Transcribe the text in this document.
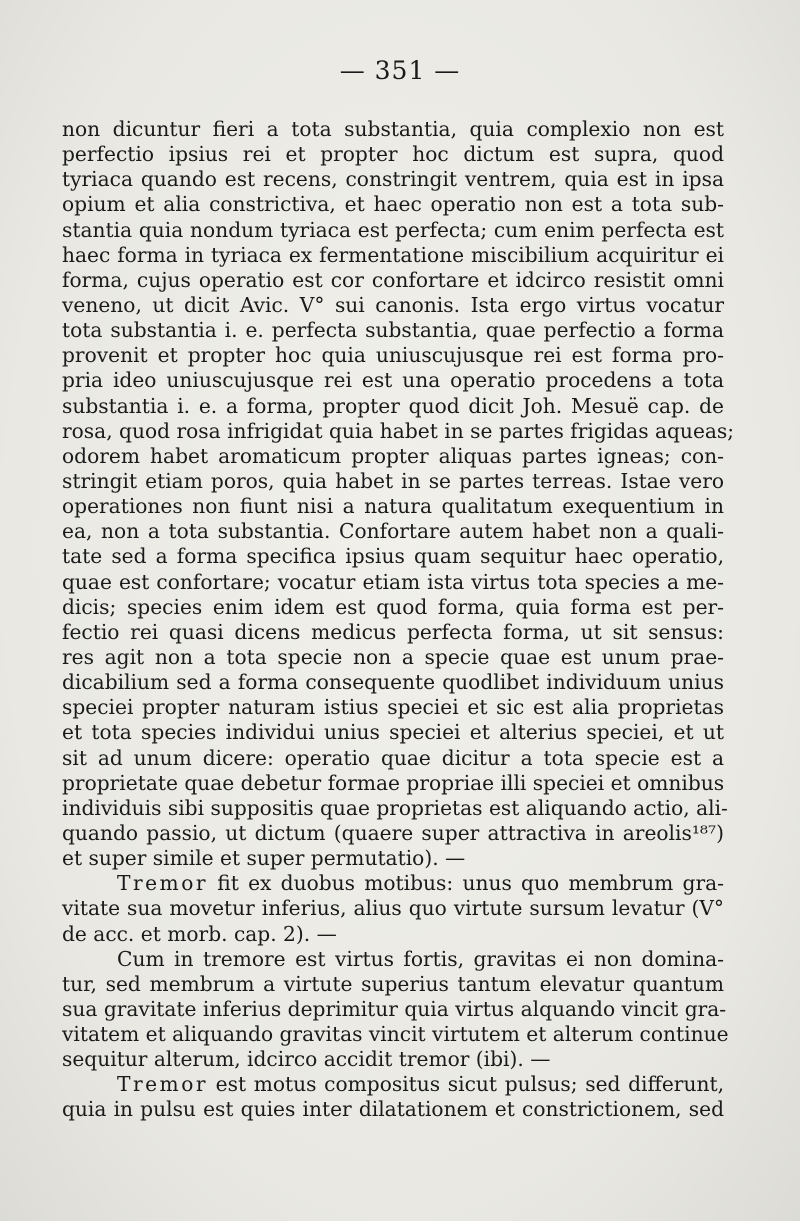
— 351 —
non dicuntur fieri a tota substantia, quia complexio non est
perfectio ipsius rei et propter hoc dictum est supra, quod
tyriaca quando est recens, constringit ventrem, quia est in ipsa
opium et alia constrictiva, et haec operatio non est a tota sub-
stantia quia nondum tyriaca est perfecta; cum enim perfecta est
haec forma in tyriaca ex fermentatione miscibilium acquiritur ei
forma, cujus operatio est cor confortare et idcirco resistit omni
veneno, ut dicit Avic. V° sui canonis. Ista ergo virtus vocatur
tota substantia i. e. perfecta substantia, quae perfectio a forma
provenit et propter hoc quia uniuscujusque rei est forma pro-
pria ideo uniuscujusque rei est una operatio procedens a tota
substantia i. e. a forma, propter quod dicit Joh. Mesuë cap. de
rosa, quod rosa infrigidat quia habet in se partes frigidas aqueas;
odorem habet aromaticum propter aliquas partes igneas; con-
stringit etiam poros, quia habet in se partes terreas. Istae vero
operationes non fiunt nisi a natura qualitatum exequentium in
ea, non a tota substantia. Confortare autem habet non a quali-
tate sed a forma specifica ipsius quam sequitur haec operatio,
quae est confortare; vocatur etiam ista virtus tota species a me-
dicis; species enim idem est quod forma, quia forma est per-
fectio rei quasi dicens medicus perfecta forma, ut sit sensus:
res agit non a tota specie non a specie quae est unum prae-
dicabilium sed a forma consequente quodlibet individuum unius
speciei propter naturam istius speciei et sic est alia proprietas
et tota species individui unius speciei et alterius speciei, et ut
sit ad unum dicere: operatio quae dicitur a tota specie est a
proprietate quae debetur formae propriae illi speciei et omnibus
individuis sibi suppositis quae proprietas est aliquando actio, ali-
quando passio, ut dictum (quaere super attractiva in areolis¹⁸⁷)
et super simile et super permutatio). —
Tremor fit ex duobus motibus: unus quo membrum gra-
vitate sua movetur inferius, alius quo virtute sursum levatur (V°
de acc. et morb. cap. 2). —
Cum in tremore est virtus fortis, gravitas ei non domina-
tur, sed membrum a virtute superius tantum elevatur quantum
sua gravitate inferius deprimitur quia virtus alquando vincit gra-
vitatem et aliquando gravitas vincit virtutem et alterum continue
sequitur alterum, idcirco accidit tremor (ibi). —
Tremor est motus compositus sicut pulsus; sed differunt,
quia in pulsu est quies inter dilatationem et constrictionem, sed
